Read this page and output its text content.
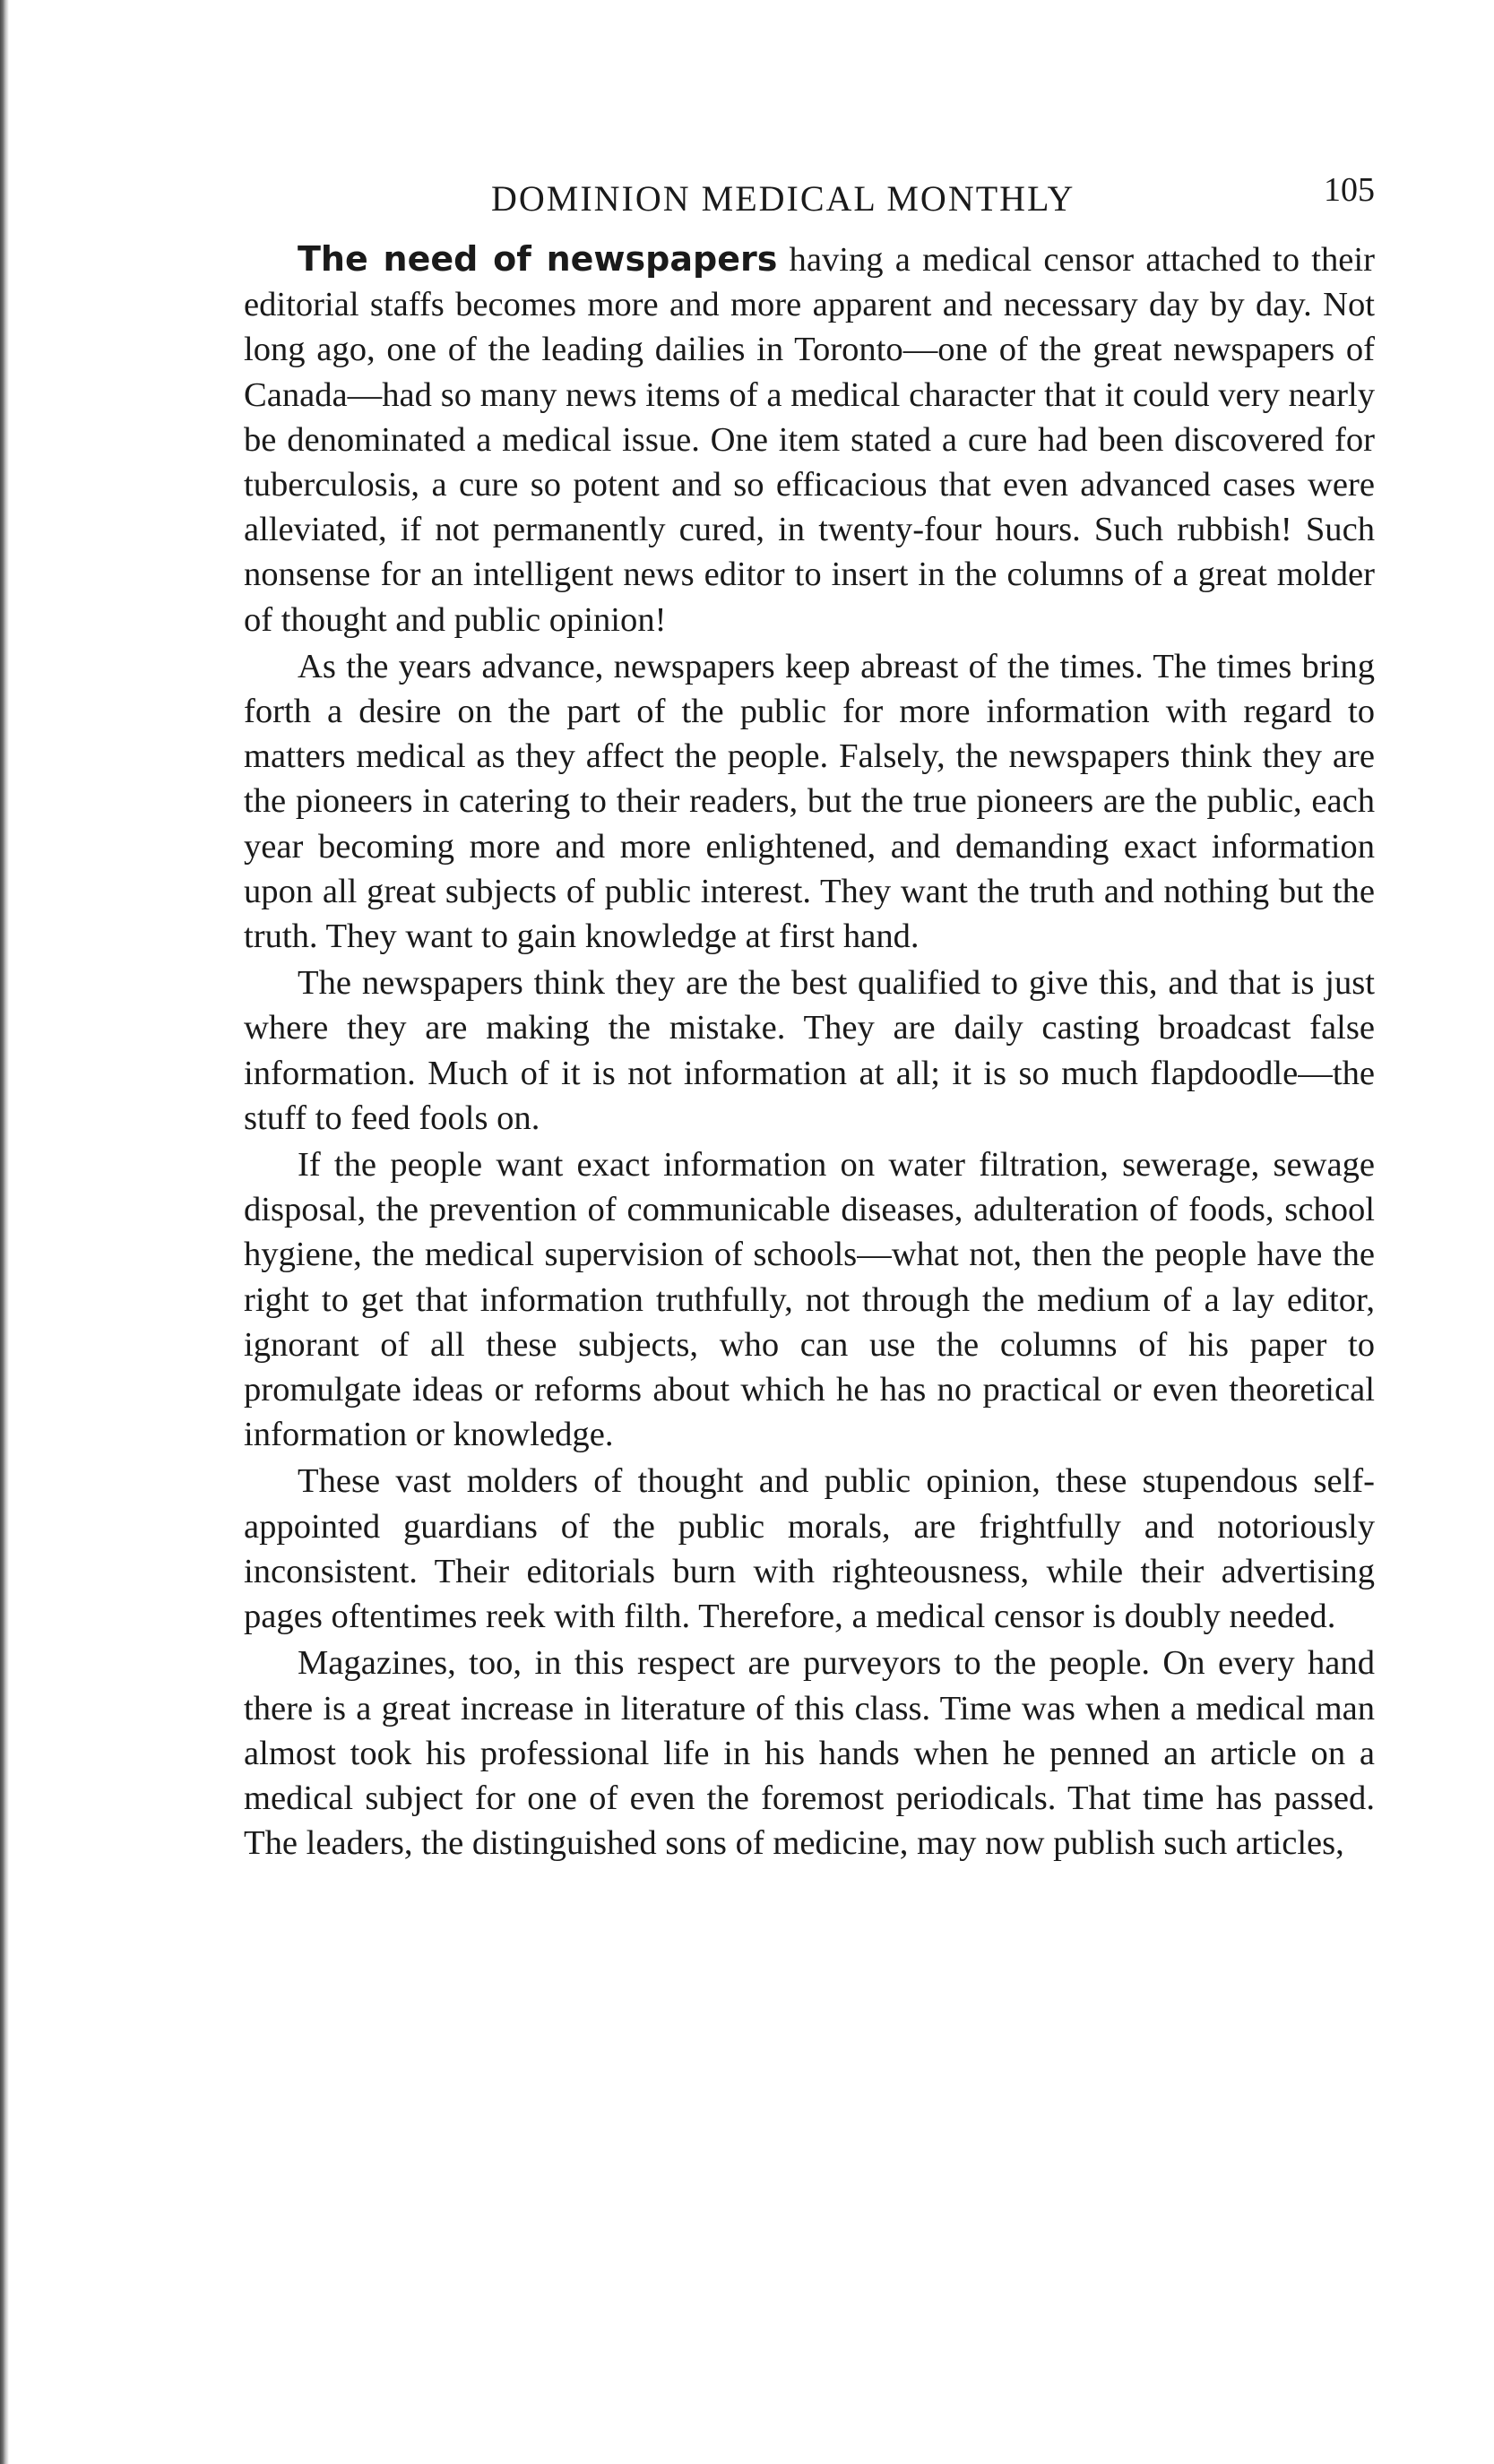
DOMINION MEDICAL MONTHLY	105

The need of newspapers having a medical censor attached to their editorial staffs becomes more and more apparent and necessary day by day. Not long ago, one of the leading dailies in Toronto—one of the great newspapers of Canada—had so many news items of a medical character that it could very nearly be denominated a medical issue. One item stated a cure had been discovered for tuberculosis, a cure so potent and so efficacious that even advanced cases were alleviated, if not permanently cured, in twenty-four hours. Such rubbish! Such nonsense for an intelligent news editor to insert in the columns of a great molder of thought and public opinion!

As the years advance, newspapers keep abreast of the times. The times bring forth a desire on the part of the public for more information with regard to matters medical as they affect the people. Falsely, the newspapers think they are the pioneers in catering to their readers, but the true pioneers are the public, each year becoming more and more enlightened, and demanding exact information upon all great subjects of public interest. They want the truth and nothing but the truth. They want to gain knowledge at first hand.

The newspapers think they are the best qualified to give this, and that is just where they are making the mistake. They are daily casting broadcast false information. Much of it is not information at all; it is so much flapdoodle—the stuff to feed fools on.

If the people want exact information on water filtration, sewerage, sewage disposal, the prevention of communicable diseases, adulteration of foods, school hygiene, the medical supervision of schools—what not, then the people have the right to get that information truthfully, not through the medium of a lay editor, ignorant of all these subjects, who can use the columns of his paper to promulgate ideas or reforms about which he has no practical or even theoretical information or knowledge.

These vast molders of thought and public opinion, these stupendous self-appointed guardians of the public morals, are frightfully and notoriously inconsistent. Their editorials burn with righteousness, while their advertising pages oftentimes reek with filth. Therefore, a medical censor is doubly needed.

Magazines, too, in this respect are purveyors to the people. On every hand there is a great increase in literature of this class. Time was when a medical man almost took his professional life in his hands when he penned an article on a medical subject for one of even the foremost periodicals. That time has passed. The leaders, the distinguished sons of medicine, may now publish such articles,
